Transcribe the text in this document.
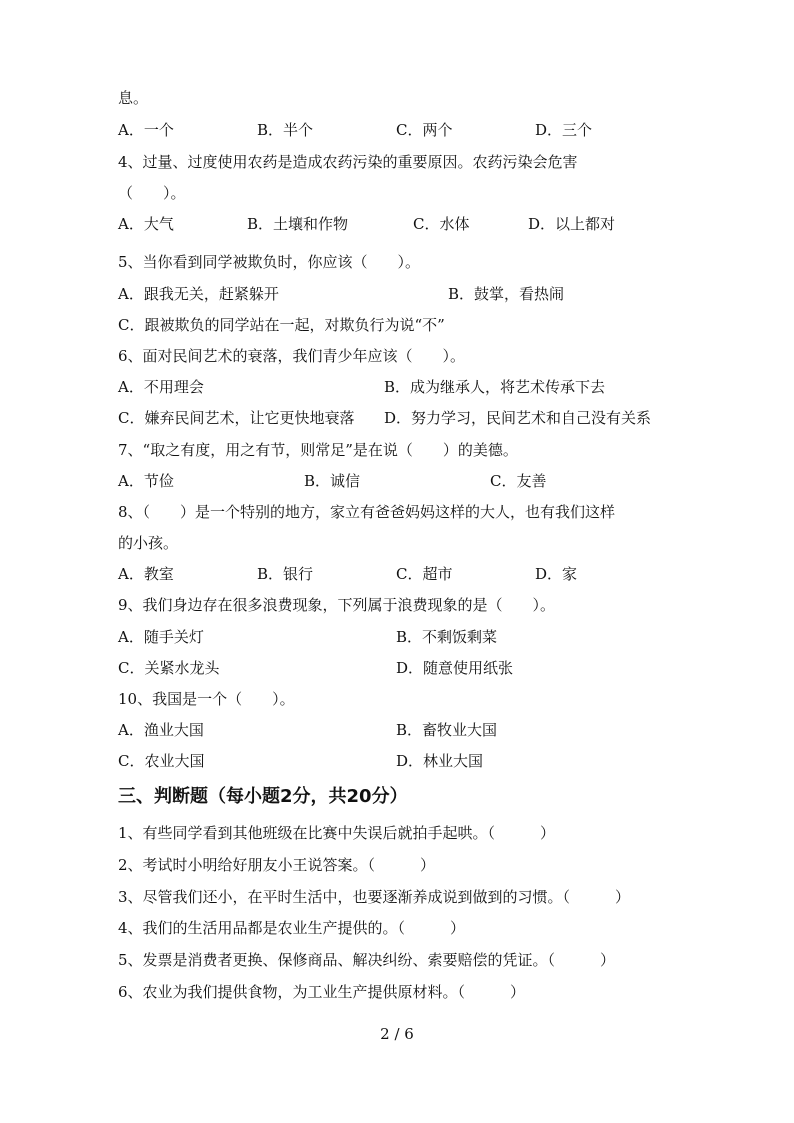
息。
A．一个	B．半个	C．两个	D．三个
4、过量、过度使用农药是造成农药污染的重要原因。农药污染会危害
（　　）。
A．大气	B．土壤和作物	C．水体	D．以上都对
5、当你看到同学被欺负时，你应该（　　）。
A．跟我无关，赶紧躲开	B．鼓掌，看热闹
C．跟被欺负的同学站在一起，对欺负行为说“不”
6、面对民间艺术的衰落，我们青少年应该（　　）。
A．不用理会	B．成为继承人，将艺术传承下去
C．嫌弃民间艺术，让它更快地衰落 D．努力学习，民间艺术和自己没有关系
7、“取之有度，用之有节，则常足”是在说（　　）的美德。
A．节俭	B．诚信	C．友善
8、（　　）是一个特别的地方，家立有爸爸妈妈这样的大人，也有我们这样
的小孩。
A．教室	B．银行	C．超市	D．家
9、我们身边存在很多浪费现象，下列属于浪费现象的是（　　）。
A．随手关灯	B．不剩饭剩菜
C．关紧水龙头	D．随意使用纸张
10、我国是一个（　　）。
A．渔业大国	B．畜牧业大国
C．农业大国	D．林业大国
三、判断题（每小题2分，共20分）
1、有些同学看到其他班级在比赛中失误后就拍手起哄。（　　　）
2、考试时小明给好朋友小王说答案。（　　　）
3、尽管我们还小，在平时生活中，也要逐渐养成说到做到的习惯。（　　　）
4、我们的生活用品都是农业生产提供的。（　　　）
5、发票是消费者更换、保修商品、解决纠纷、索要赔偿的凭证。（　　　）
6、农业为我们提供食物，为工业生产提供原材料。（　　　）
2 / 6
